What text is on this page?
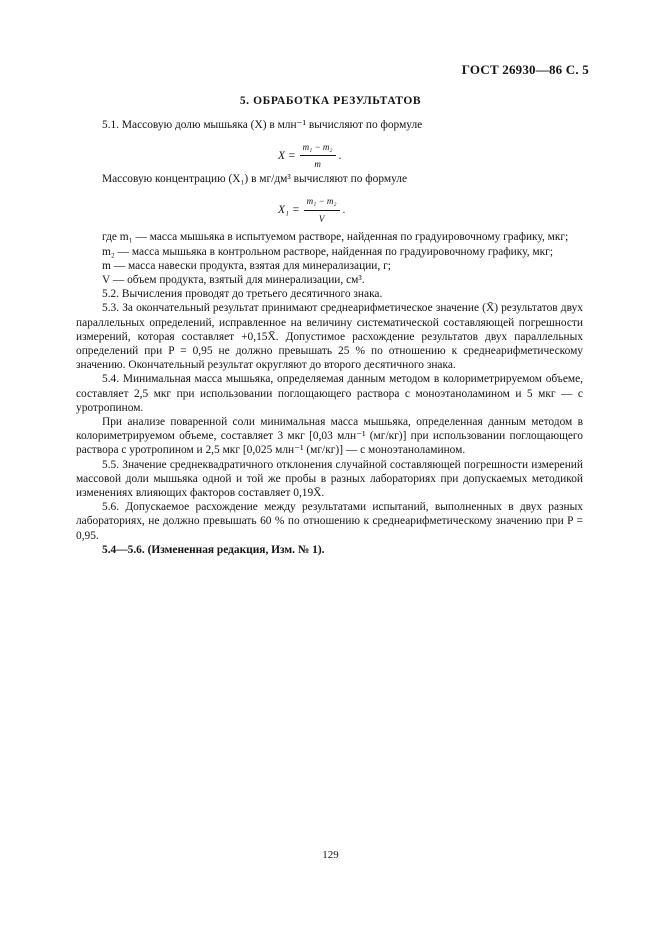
ГОСТ 26930—86 С. 5
5. ОБРАБОТКА РЕЗУЛЬТАТОВ

5.1. Массовую долю мышьяка (X) в млн⁻¹ вычисляют по формуле

$X = \frac{\text{m₁ − m₂}}{m}$ .

Массовую концентрацию (X₁) в мг/дм³ вычисляют по формуле

$X_1 = \frac{\text{m₁ − m₂}}{V}$ .

где m₁ — масса мышьяка в испытуемом растворе, найденная по градуировочному графику, мкг;

m₂ — масса мышьяка в контрольном растворе, найденная по градуировочному графику, мкг;

m — масса навески продукта, взятая для минерализации, г;

V — объем продукта, взятый для минерализации, см³.

5.2. Вычисления проводят до третьего десятичного знака.

5.3. За окончательный результат принимают среднеарифметическое значение (X̄) результатов двух параллельных определений, исправленное на величину систематической составляющей погрешности измерений, которая составляет +0,15X̄. Допустимое расхождение результатов двух параллельных определений при P = 0,95 не должно превышать 25 % по отношению к среднеарифметическому значению. Окончательный результат округляют до второго десятичного знака.

5.4. Минимальная масса мышьяка, определяемая данным методом в колориметрируемом объеме, составляет 2,5 мкг при использовании поглощающего раствора с моноэтаноламином и 5 мкг — с уротропином.

При анализе поваренной соли минимальная масса мышьяка, определенная данным методом в колориметрируемом объеме, составляет 3 мкг [0,03 млн⁻¹ (мг/кг)] при использовании поглощающего раствора с уротропином и 2,5 мкг [0,025 млн⁻¹ (мг/кг)] — с моноэтаноламином.

5.5. Значение среднеквадратичного отклонения случайной составляющей погрешности измерений массовой доли мышьяка одной и той же пробы в разных лабораториях при допускаемых методикой изменениях влияющих факторов составляет 0,19X̄.

5.6. Допускаемое расхождение между результатами испытаний, выполненных в двух разных лабораториях, не должно превышать 60 % по отношению к среднеарифметическому значению при P = 0,95.

5.4—5.6. (Измененная редакция, Изм. № 1).

129
